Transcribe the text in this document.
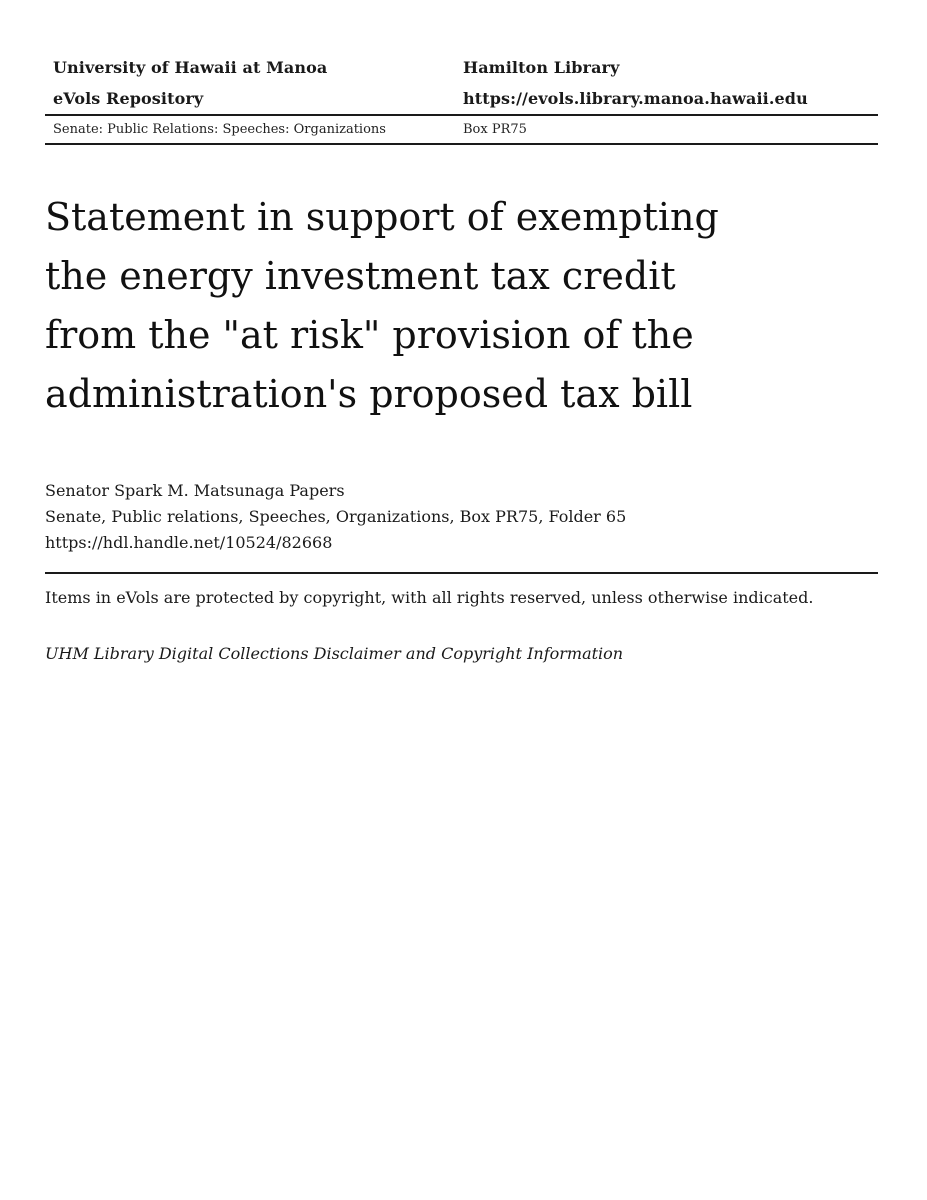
University of Hawaii at Manoa	Hamilton Library
eVols Repository	https://evols.library.manoa.hawaii.edu
Senate: Public Relations: Speeches: Organizations	Box PR75
Statement in support of exempting
the energy investment tax credit
from the "at risk" provision of the
administration's proposed tax bill
Senator Spark M. Matsunaga Papers
Senate, Public relations, Speeches, Organizations, Box PR75, Folder 65
https://hdl.handle.net/10524/82668
Items in eVols are protected by copyright, with all rights reserved, unless otherwise indicated.
UHM Library Digital Collections Disclaimer and Copyright Information
